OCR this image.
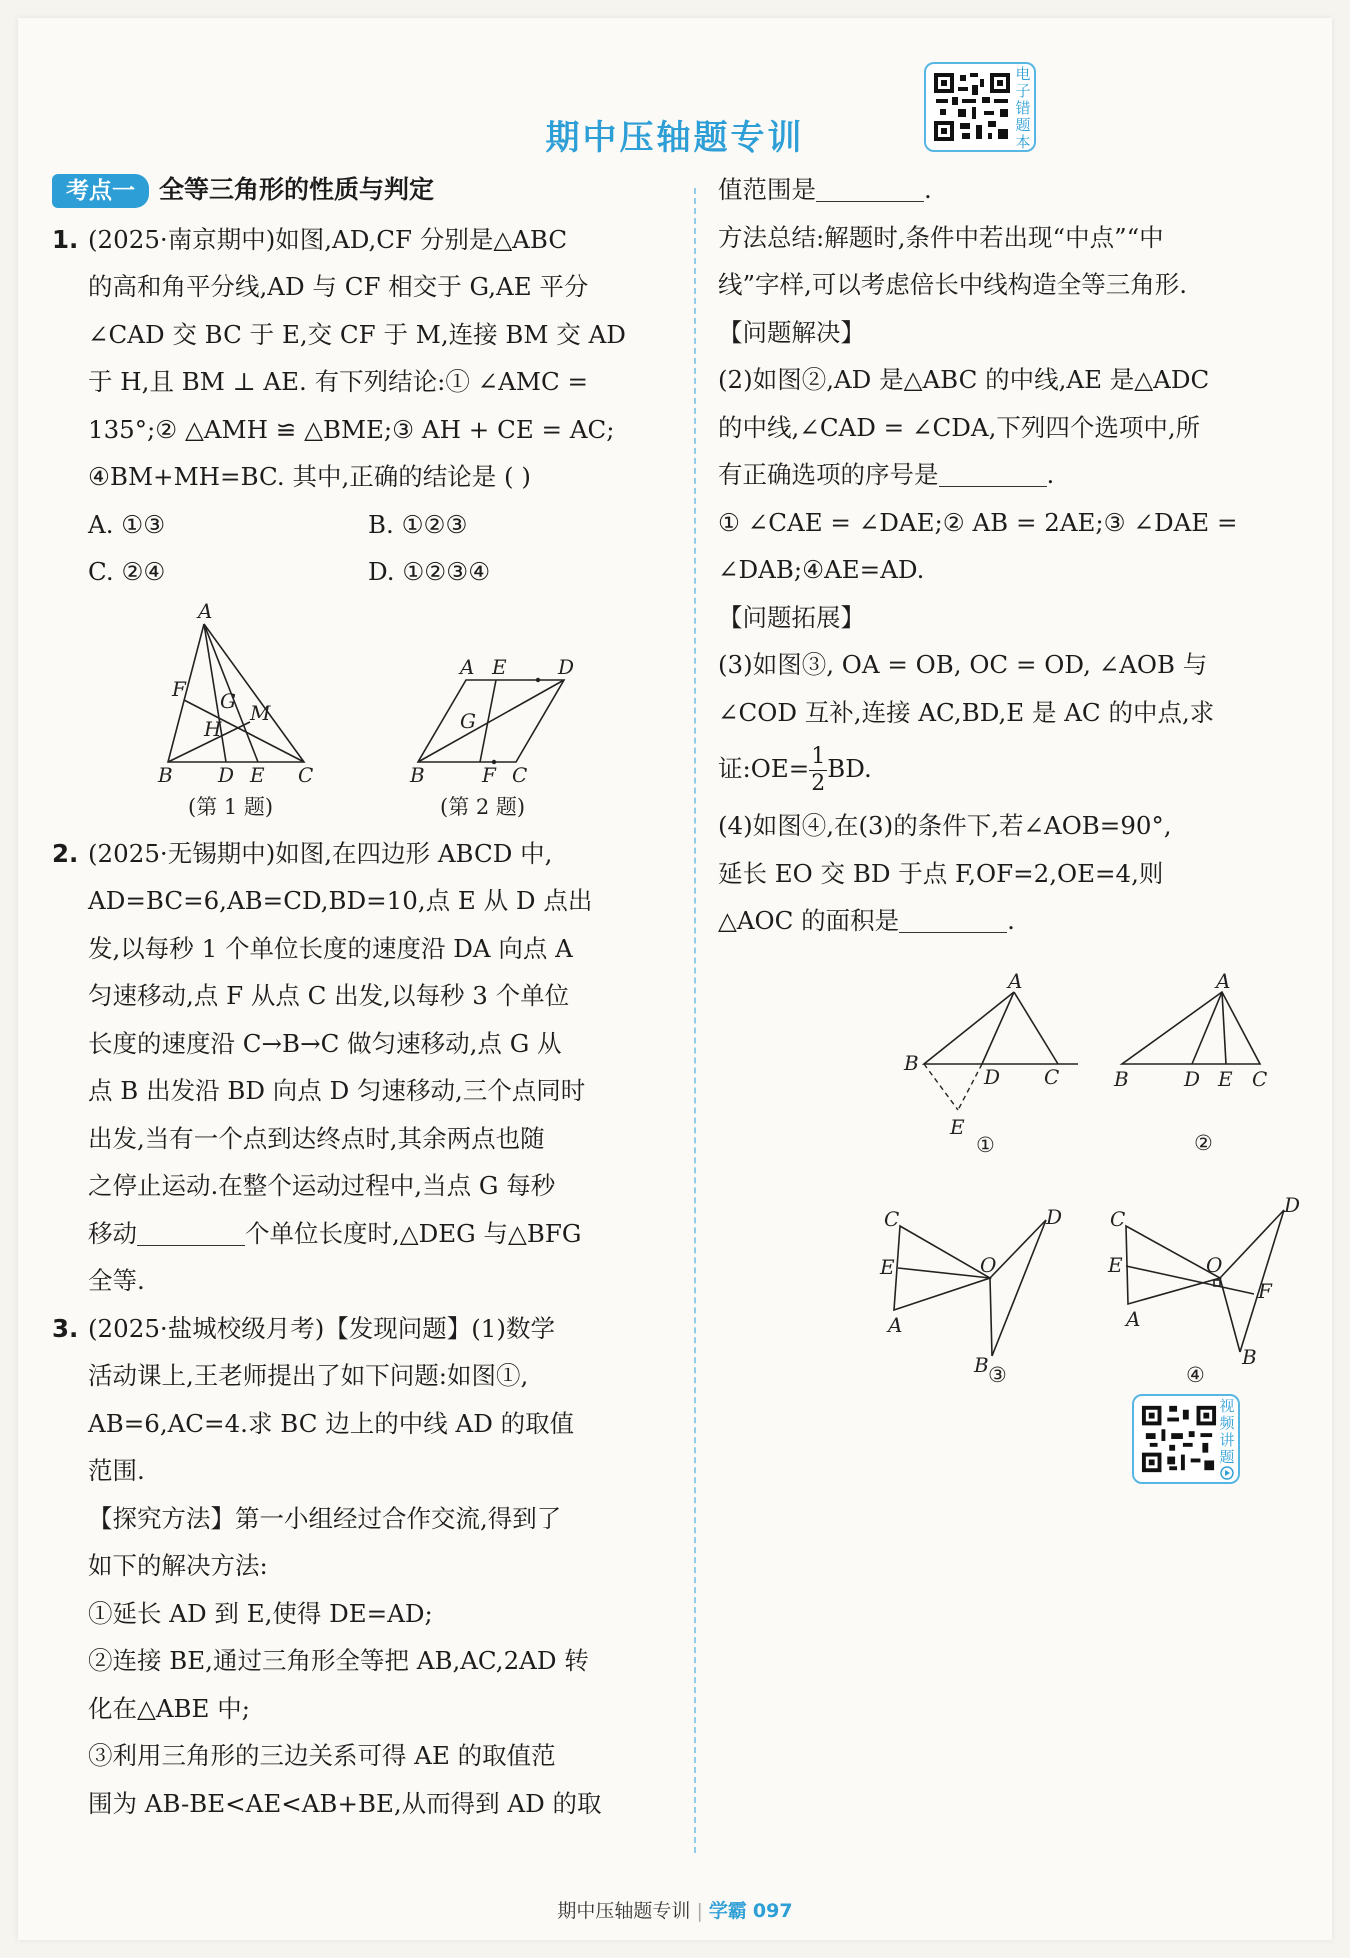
期中压轴题专训
电子错题本

考点一 全等三角形的性质与判定

1. (2025·南京期中)如图,AD,CF 分别是△ABC

的高和角平分线,AD 与 CF 相交于 G,AE 平分

∠CAD 交 BC 于 E,交 CF 于 M,连接 BM 交 AD

于 H,且 BM ⊥ AE. 有下列结论:① ∠AMC =

135°;② △AMH ≌ △BME;③ AH + CE = AC;

④BM+MH=BC. 其中,正确的结论是 ( )

A. ①③	B. ①②③
C. ②④	D. ①②③④
A
B D E C
F G M
H
(第 1 题)
A E	D
B	F C
G
(第 2 题)

2. (2025·无锡期中)如图,在四边形 ABCD 中,

AD=BC=6,AB=CD,BD=10,点 E 从 D 点出

发,以每秒 1 个单位长度的速度沿 DA 向点 A

匀速移动,点 F 从点 C 出发,以每秒 3 个单位

长度的速度沿 C→B→C 做匀速移动,点 G 从

点 B 出发沿 BD 向点 D 匀速移动,三个点同时

出发,当有一个点到达终点时,其余两点也随

之停止运动.在整个运动过程中,当点 G 每秒

移动	个单位长度时,△DEG 与△BFG

全等.

3. (2025·盐城校级月考)【发现问题】(1)数学

活动课上,王老师提出了如下问题:如图①,

AB=6,AC=4.求 BC 边上的中线 AD 的取值

范围.

【探究方法】第一小组经过合作交流,得到了

如下的解决方法:

①延长 AD 到 E,使得 DE=AD;

②连接 BE,通过三角形全等把 AB,AC,2AD 转

化在△ABE 中;

③利用三角形的三边关系可得 AE 的取值范

围为 AB-BE<AE<AB+BE,从而得到 AD 的取

值范围是	.

方法总结:解题时,条件中若出现“中点”“中

线”字样,可以考虑倍长中线构造全等三角形.

【问题解决】

(2)如图②,AD 是△ABC 的中线,AE 是△ADC

的中线,∠CAD = ∠CDA,下列四个选项中,所

有正确选项的序号是	.

① ∠CAE = ∠DAE;② AB = 2AE;③ ∠DAE =

∠DAB;④AE=AD.

【问题拓展】

(3)如图③, OA = OB, OC = OD, ∠AOB 与

∠COD 互补,连接 AC,BD,E 是 AC 的中点,求

证:OE= $\frac{1}{2}$ BD.

(4)如图④,在(3)的条件下,若∠AOB=90°,

延长 EO 交 BD 于点 F,OF=2,OE=4,则

△AOC 的面积是	.

A
B
D C
E
①
A
B	D E C
②
C
E
A
O
D
B ③
C
E
A
O
D
F
B
④
视频讲题
期中压轴题专训 | 学霸 097
